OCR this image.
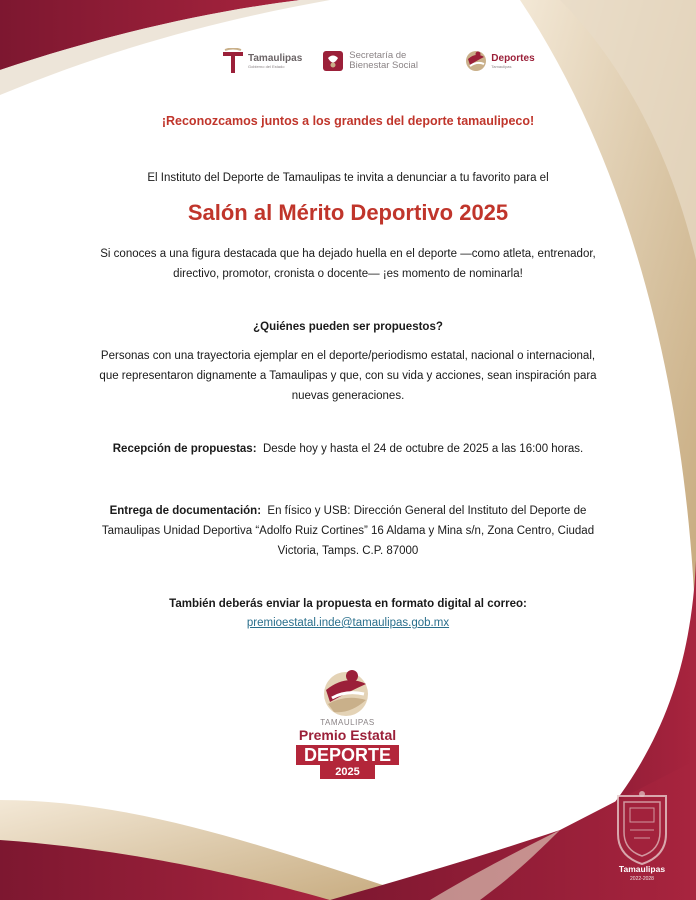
Tamaulipas
Gobierno del Estado
Secretaría de Bienestar Social
Deportes
Tamaulipas

¡Reconozcamos juntos a los grandes del deporte tamaulipeco!

El Instituto del Deporte de Tamaulipas te invita a denunciar a tu favorito para el

Salón al Mérito Deportivo 2025

Si conoces a una figura destacada que ha dejado huella en el deporte —como atleta, entrenador, directivo, promotor, cronista o docente— ¡es momento de nominarla!

¿Quiénes pueden ser propuestos?

Personas con una trayectoria ejemplar en el deporte/periodismo estatal, nacional o internacional, que representaron dignamente a Tamaulipas y que, con su vida y acciones, sean inspiración para nuevas generaciones.

Recepción de propuestas: Desde hoy y hasta el 24 de octubre de 2025 a las 16:00 horas.

Entrega de documentación: En físico y USB: Dirección General del Instituto del Deporte de Tamaulipas Unidad Deportiva “Adolfo Ruiz Cortines” 16 Aldama y Mina s/n, Zona Centro, Ciudad Victoria, Tamps. C.P. 87000

También deberás enviar la propuesta en formato digital al correo:

premioestatal.inde@tamaulipas.gob.mx

TAMAULIPAS
Premio Estatal
DEPORTE
2025
Tamaulipas
2022-2028
